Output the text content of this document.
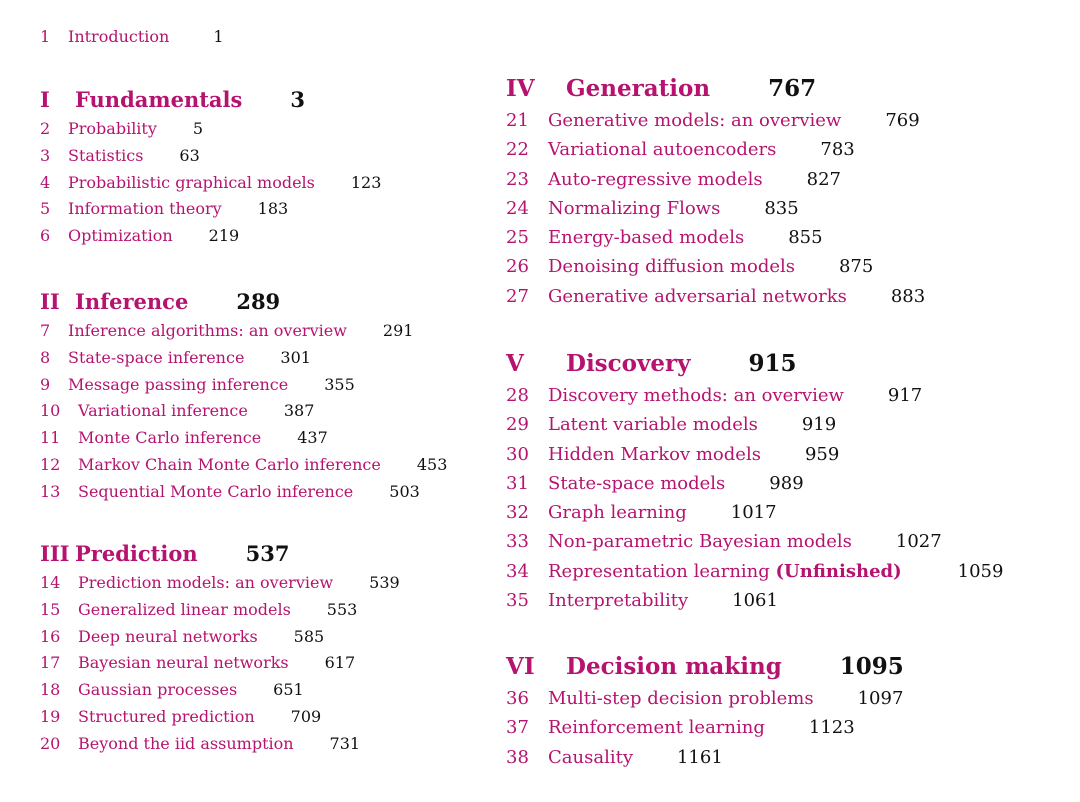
1 Introduction	1
I Fundamentals 3
2 Probability 5
3 Statistics 63
4 Probabilistic graphical models 123
5 Information theory 183
6 Optimization 219
II Inference 289
7 Inference algorithms: an overview 291
8 State-space inference 301
9 Message passing inference 355
10 Variational inference 387
11 Monte Carlo inference 437
12 Markov Chain Monte Carlo inference 453
13 Sequential Monte Carlo inference 503
III Prediction 537
14 Prediction models: an overview 539
15 Generalized linear models 553
16 Deep neural networks 585
17 Bayesian neural networks 617
18 Gaussian processes 651
19 Structured prediction 709
20 Beyond the iid assumption 731
IV Generation	767
21 Generative models: an overview 769
22 Variational autoencoders 783
23 Auto-regressive models 827
24 Normalizing Flows 835
25 Energy-based models 855
26 Denoising diffusion models 875
27 Generative adversarial networks 883
V Discovery	915
28 Discovery methods: an overview 917
29 Latent variable models 919
30 Hidden Markov models 959
31 State-space models 989
32 Graph learning 1017
33 Non-parametric Bayesian models 1027
34 Representation learning (Unfinished)	1059
35 Interpretability 1061
VI Decision making	1095
36 Multi-step decision problems 1097
37 Reinforcement learning 1123
38 Causality 1161
